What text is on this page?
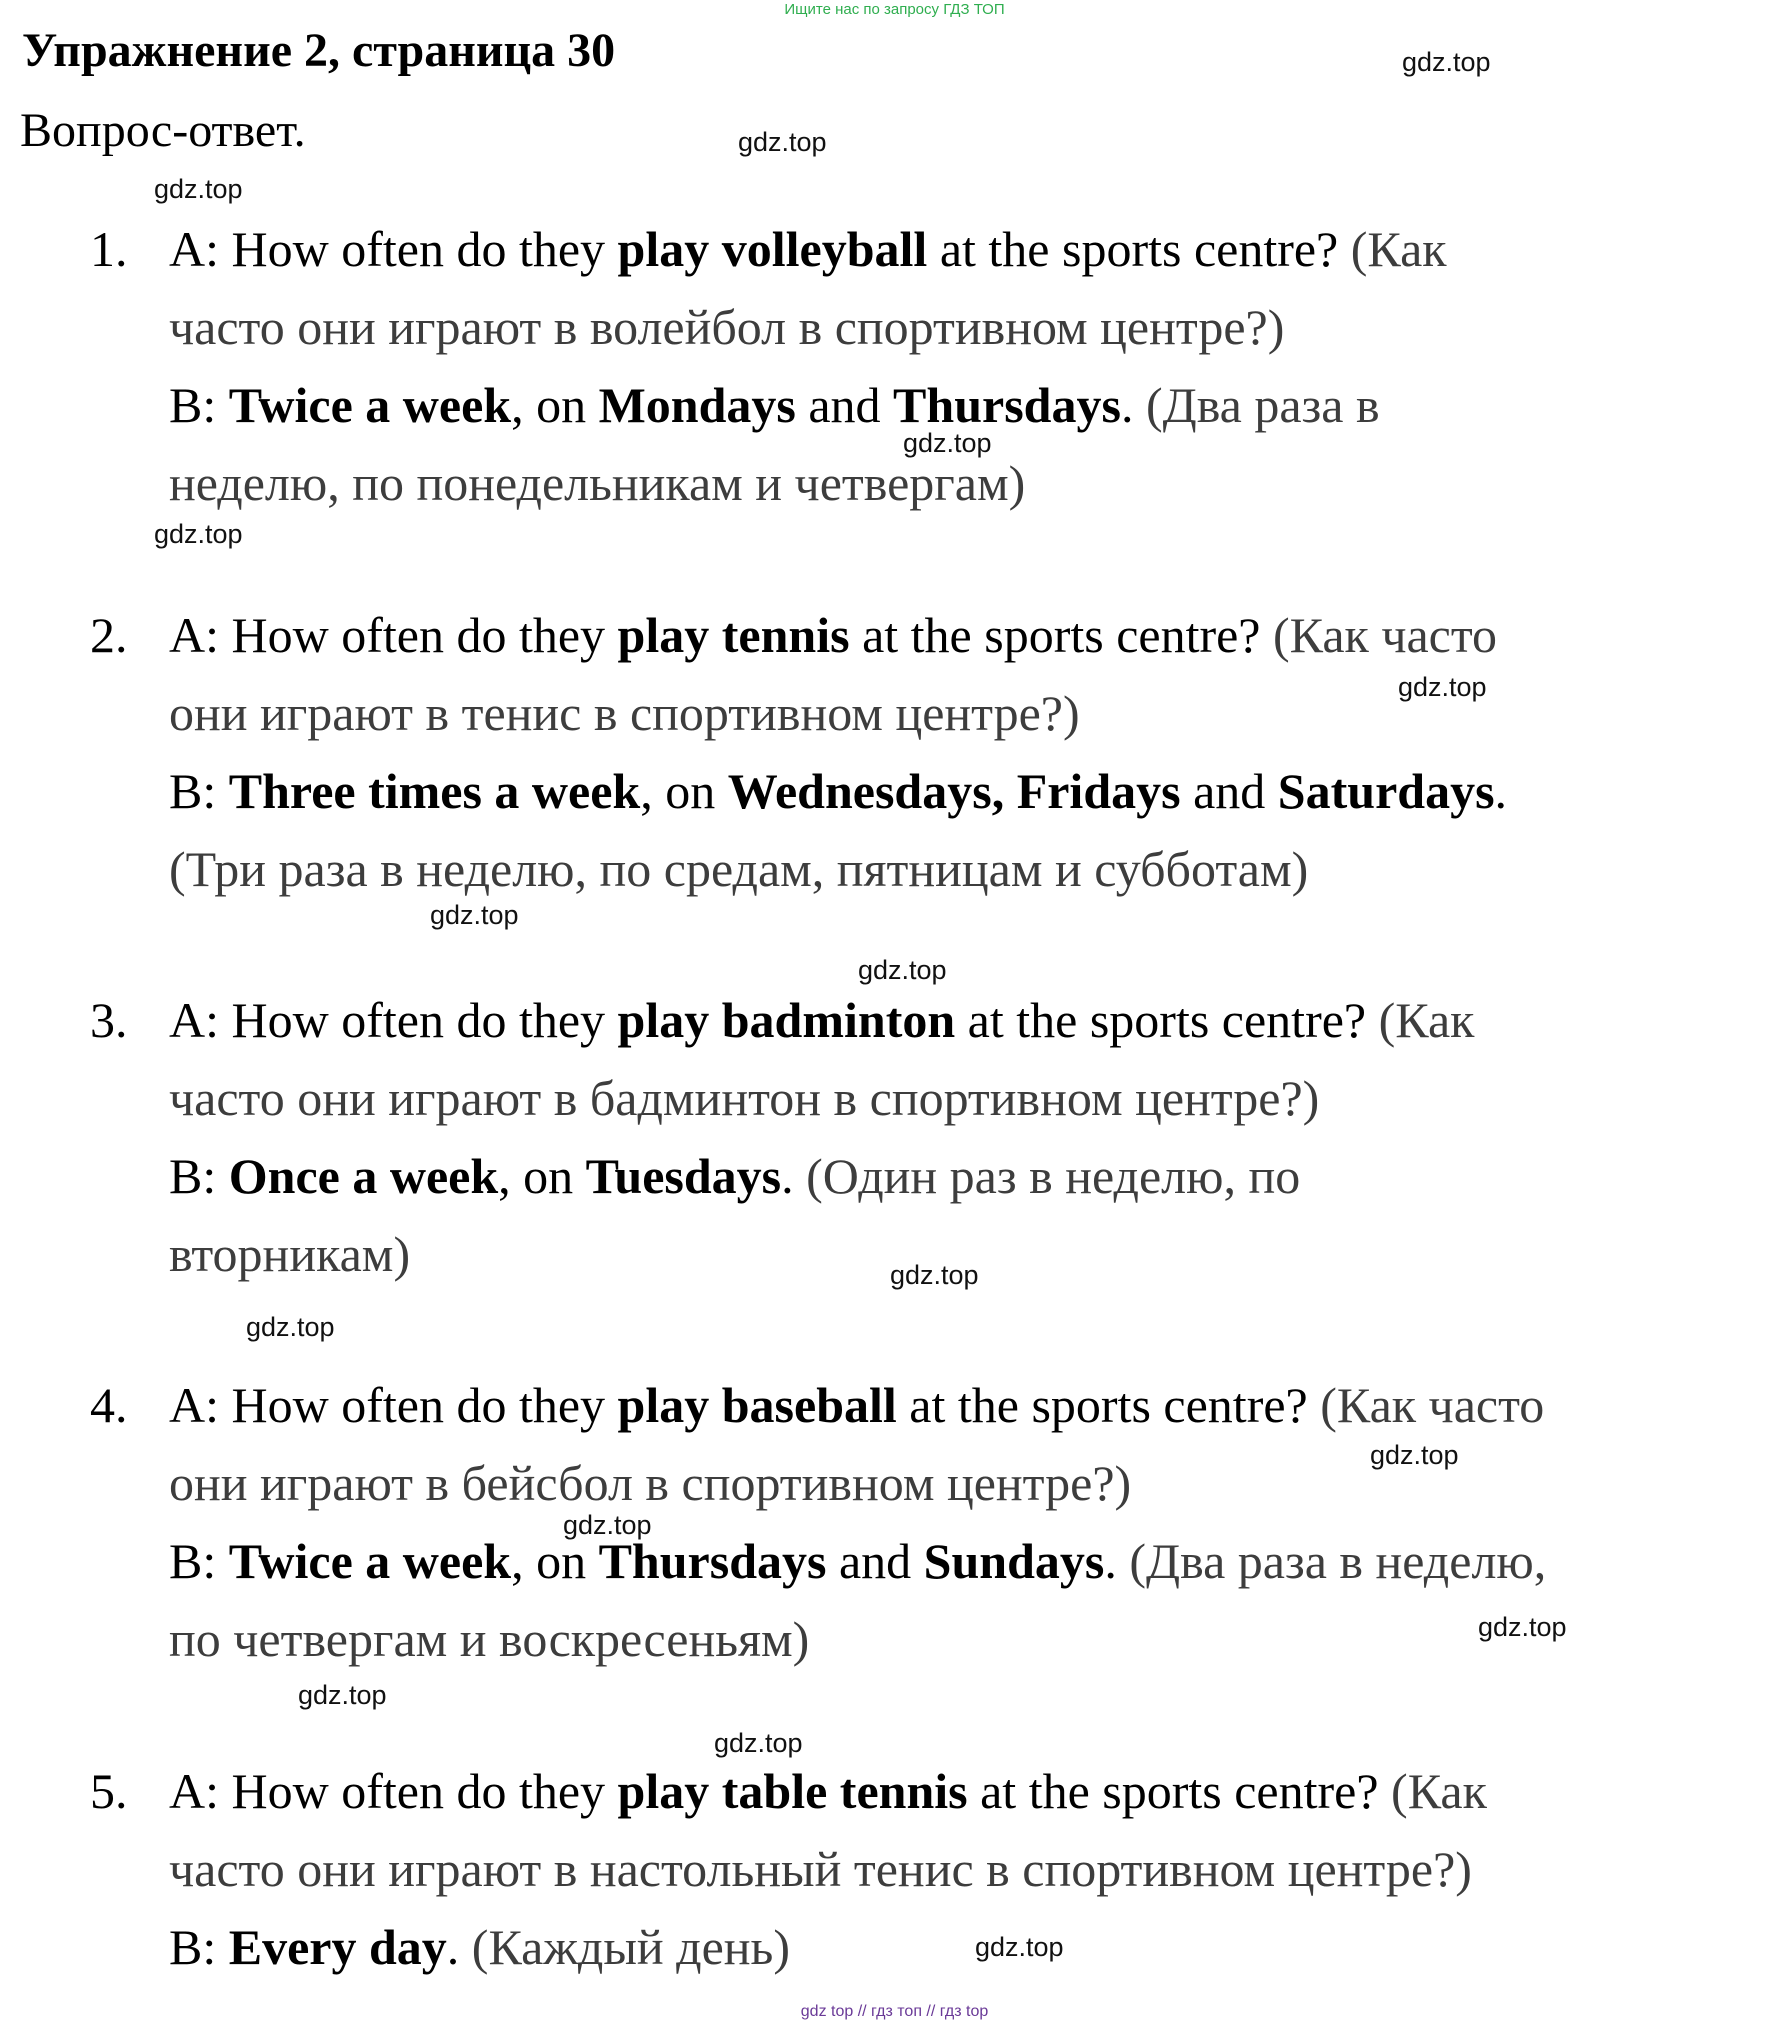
Ищите нас по запросу ГДЗ ТОП
Упражнение 2, страница 30
Вопрос-ответ.
1. A: How often do they play volleyball at the sports centre? (Как
часто они играют в волейбол в спортивном центре?)
B: Twice a week, on Mondays and Thursdays. (Два раза в
неделю, по понедельникам и четвергам)
2. A: How often do they play tennis at the sports centre? (Как часто
они играют в тенис в спортивном центре?)
B: Three times a week, on Wednesdays, Fridays and Saturdays.
(Три раза в неделю, по средам, пятницам и субботам)
3. A: How often do they play badminton at the sports centre? (Как
часто они играют в бадминтон в спортивном центре?)
B: Once a week, on Tuesdays. (Один раз в неделю, по
вторникам)
4. A: How often do they play baseball at the sports centre? (Как часто
они играют в бейсбол в спортивном центре?)
B: Twice a week, on Thursdays and Sundays. (Два раза в неделю,
по четвергам и воскресеньям)
5. A: How often do they play table tennis at the sports centre? (Как
часто они играют в настольный тенис в спортивном центре?)
B: Every day. (Каждый день)
gdz.top
gdz.top
gdz.top
gdz.top
gdz.top
gdz.top
gdz.top
gdz.top
gdz.top
gdz.top
gdz.top
gdz.top
gdz.top
gdz.top
gdz.top
gdz.top
gdz top // гдз топ // гдз top
